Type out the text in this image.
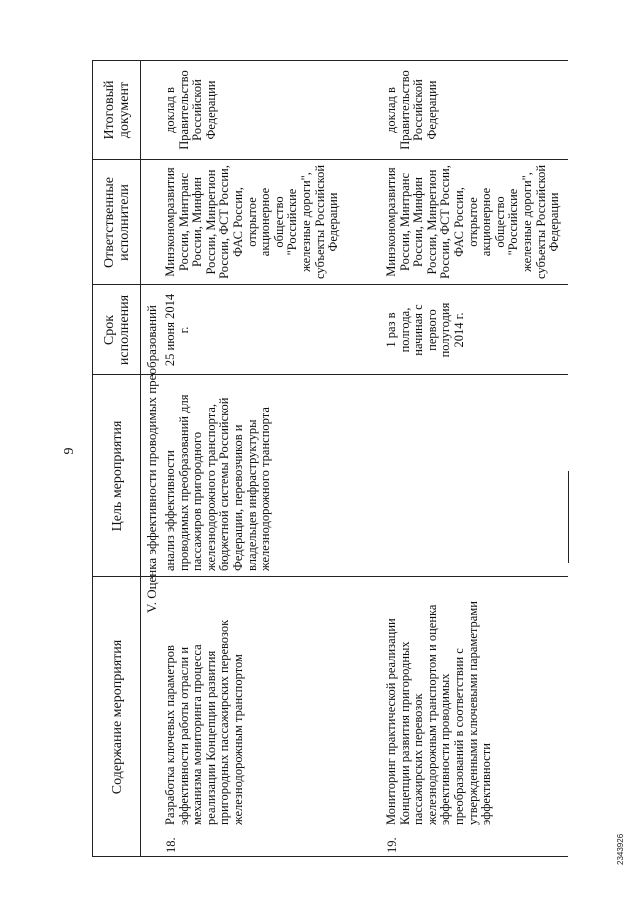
9
Содержание мероприятия
Цель мероприятия
Срок исполнения
Ответственные исполнители
Итоговый документ
V. Оценка эффективности проводимых преобразований
18.
Разработка ключевых параметров эффективности работы отрасли и механизма мониторинга процесса реализации Концепции развития пригородных пассажирских перевозок железнодорожным транспортом
анализ эффективности проводимых преобразований для пассажиров пригородного железнодорожного транспорта, бюджетной системы Российской Федерации, перевозчиков и владельцев инфраструктуры железнодорожного транспорта
25 июня 2014 г.
Минэкономразвития России, Минтранс России, Минфин России, Минрегион России, ФСТ России, ФАС России, открытое акционерное общество "Российские железные дороги", субъекты Российской Федерации
доклад в Правительство Российской Федерации
19.
Мониторинг практической реализации Концепции развития пригородных пассажирских перевозок железнодорожным транспортом и оценка эффективности проводимых преобразований в соответствии с утвержденными ключевыми параметрами эффективности
1 раз в полгода, начиная с первого полугодия 2014 г.
Минэкономразвития России, Минтранс России, Минфин России, Минрегион России, ФСТ России, ФАС России, открытое акционерное общество "Российские железные дороги", субъекты Российской Федерации
доклад в Правительство Российской Федерации
2343926
